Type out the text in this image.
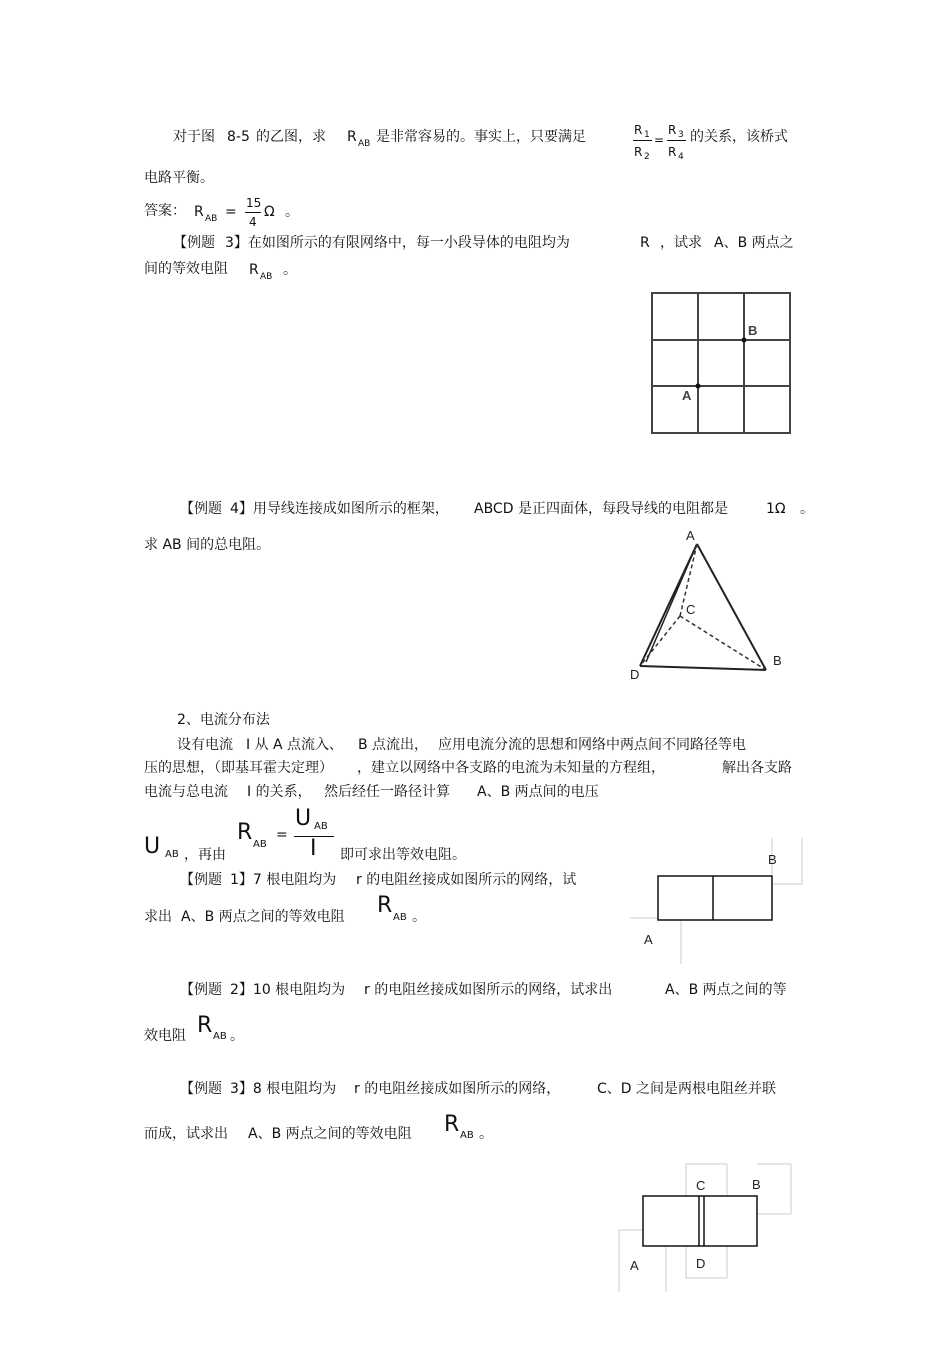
对于图 8-5 的乙图，求 R AB 是非常容易的。事实上，只要满足	R 1
R 2
=
R 3
R 4
的关系，该桥式
电路平衡。
答案： R AB =
15
4
Ω 。
【例题 3】在如图所示的有限网络中，每一小段导体的电阻均为	R ，试求 A、B 两点之
间的等效电阻 R AB 。
B
A
【例题 4】用导线连接成如图所示的框架， ABCD 是正四面体，每段导线的电阻都是	1Ω 。
求 AB 间的总电阻。
A
C
B
D
2、电流分布法
设有电流 I 从 A 点流入、 B 点流出， 应用电流分流的思想和网络中两点间不同路径等电
压的思想，（即基耳霍夫定理） ，建立以网络中各支路的电流为未知量的方程组，	解出各支路
电流与总电流 I 的关系， 然后经任一路径计算 A、B 两点间的电压
U AB ，再由
R AB
=
U AB
I 即可求出等效电阻。
【例题 1】7 根电阻均为 r 的电阻丝接成如图所示的网络，试
求出 A、B 两点之间的等效电阻 R AB 。
B
A
【例题 2】10 根电阻均为 r 的电阻丝接成如图所示的网络，试求出	A、B 两点之间的等
效电阻 R AB 。
【例题 3】8 根电阻均为 r 的电阻丝接成如图所示的网络，	C、D 之间是两根电阻丝并联
而成，试求出 A、B 两点之间的等效电阻 R AB 。
C	B
A	D
